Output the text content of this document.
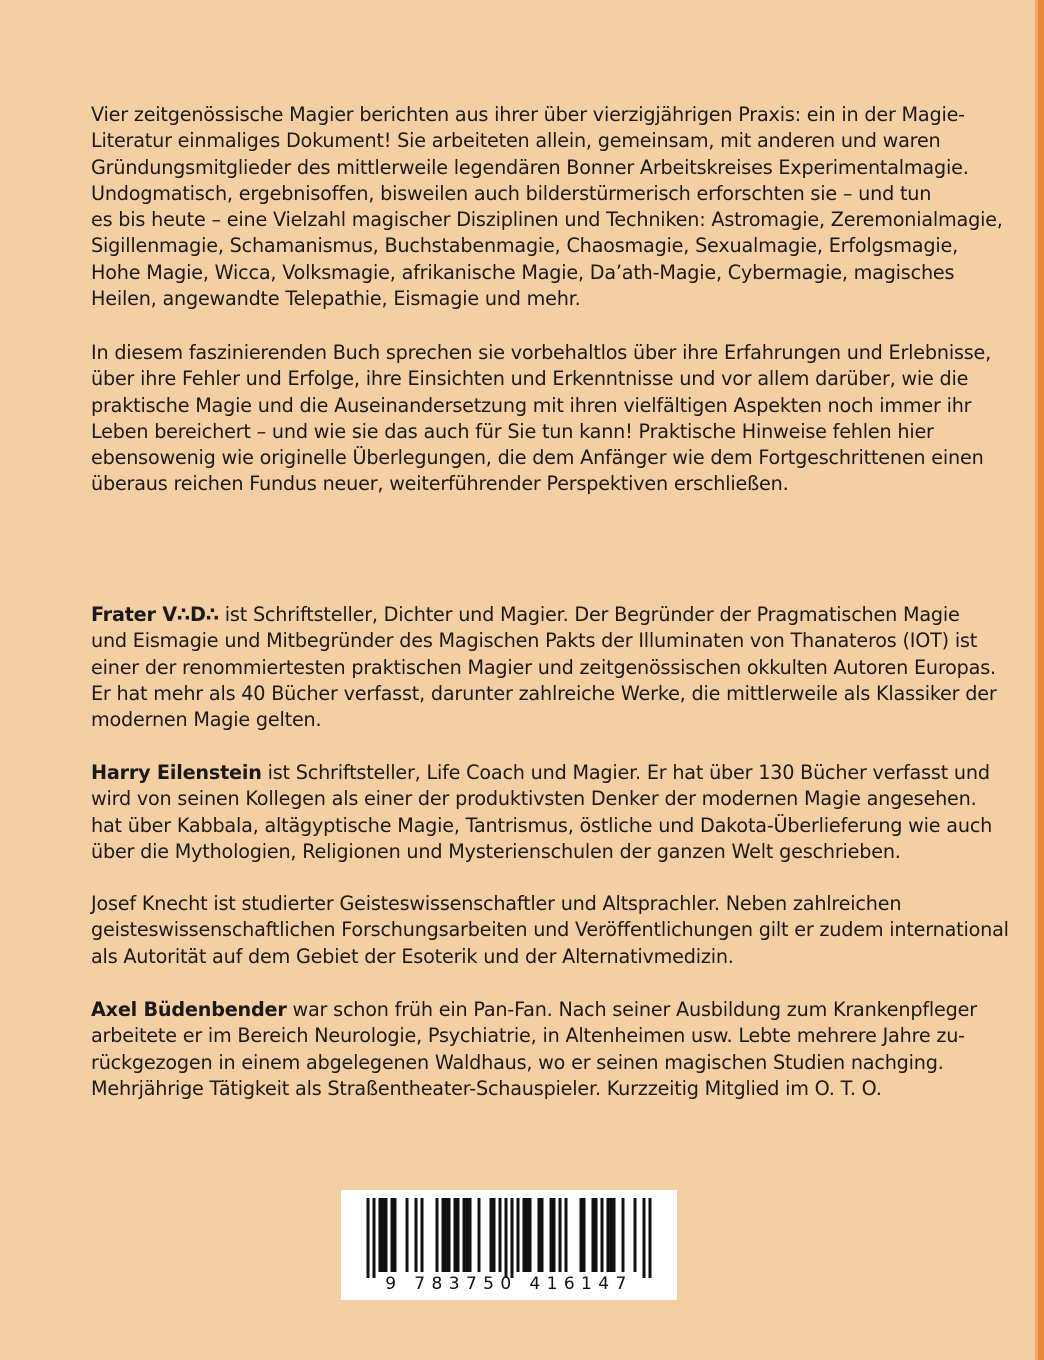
Vier zeitgenössische Magier berichten aus ihrer über vierzigjährigen Praxis: ein in der Magie-
Literatur einmaliges Dokument! Sie arbeiteten allein, gemeinsam, mit anderen und waren
Gründungsmitglieder des mittlerweile legendären Bonner Arbeitskreises Experimentalmagie.
Undogmatisch, ergebnisoffen, bisweilen auch bilderstürmerisch erforschten sie – und tun
es bis heute – eine Vielzahl magischer Disziplinen und Techniken: Astromagie, Zeremonialmagie,
Sigillenmagie, Schamanismus, Buchstabenmagie, Chaosmagie, Sexualmagie, Erfolgsmagie,
Hohe Magie, Wicca, Volksmagie, afrikanische Magie, Da’ath-Magie, Cybermagie, magisches
Heilen, angewandte Telepathie, Eismagie und mehr.
In diesem faszinierenden Buch sprechen sie vorbehaltlos über ihre Erfahrungen und Erlebnisse,
über ihre Fehler und Erfolge, ihre Einsichten und Erkenntnisse und vor allem darüber, wie die
praktische Magie und die Auseinandersetzung mit ihren vielfältigen Aspekten noch immer ihr
Leben bereichert – und wie sie das auch für Sie tun kann! Praktische Hinweise fehlen hier
ebensowenig wie originelle Überlegungen, die dem Anfänger wie dem Fortgeschrittenen einen
überaus reichen Fundus neuer, weiterführender Perspektiven erschließen.
Frater V∴D∴ ist Schriftsteller, Dichter und Magier. Der Begründer der Pragmatischen Magie
und Eismagie und Mitbegründer des Magischen Pakts der Illuminaten von Thanateros (IOT) ist
einer der renommiertesten praktischen Magier und zeitgenössischen okkulten Autoren Europas.
Er hat mehr als 40 Bücher verfasst, darunter zahlreiche Werke, die mittlerweile als Klassiker der
modernen Magie gelten.
Harry Eilenstein ist Schriftsteller, Life Coach und Magier. Er hat über 130 Bücher verfasst und
wird von seinen Kollegen als einer der produktivsten Denker der modernen Magie angesehen.
hat über Kabbala, altägyptische Magie, Tantrismus, östliche und Dakota-Überlieferung wie auch
über die Mythologien, Religionen und Mysterienschulen der ganzen Welt geschrieben.
Josef Knecht ist studierter Geisteswissenschaftler und Altsprachler. Neben zahlreichen
geisteswissenschaftlichen Forschungsarbeiten und Veröffentlichungen gilt er zudem international
als Autorität auf dem Gebiet der Esoterik und der Alternativmedizin.
Axel Büdenbender war schon früh ein Pan-Fan. Nach seiner Ausbildung zum Krankenpfleger
arbeitete er im Bereich Neurologie, Psychiatrie, in Altenheimen usw. Lebte mehrere Jahre zu-
rückgezogen in einem abgelegenen Waldhaus, wo er seinen magischen Studien nachging.
Mehrjährige Tätigkeit als Straßentheater-Schauspieler. Kurzzeitig Mitglied im O. T. O.
9 783750 416147
